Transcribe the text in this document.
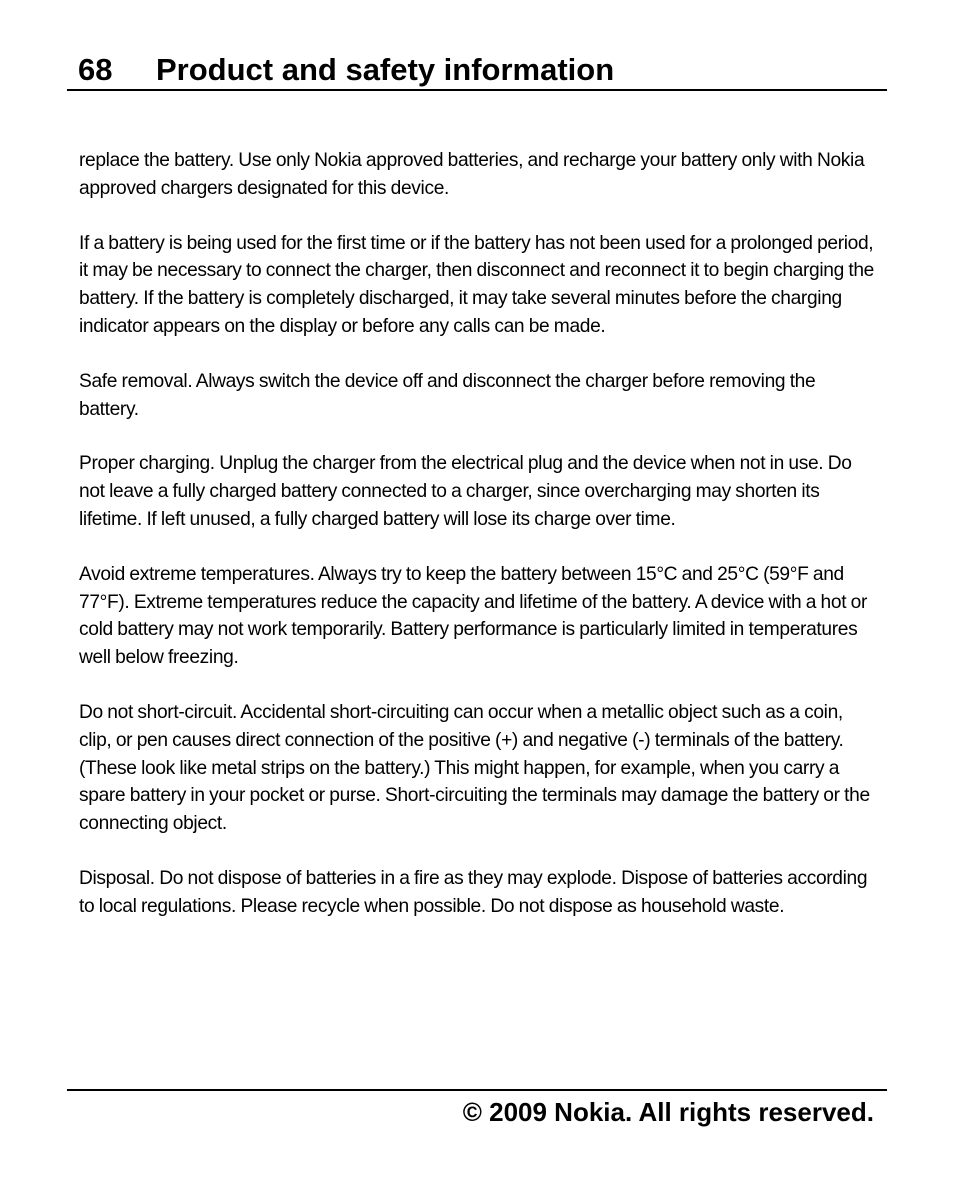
68 Product and safety information

replace the battery. Use only Nokia approved batteries, and recharge your battery only with Nokia approved chargers designated for this device.

If a battery is being used for the first time or if the battery has not been used for a prolonged period, it may be necessary to connect the charger, then disconnect and reconnect it to begin charging the battery. If the battery is completely discharged, it may take several minutes before the charging indicator appears on the display or before any calls can be made.

Safe removal. Always switch the device off and disconnect the charger before removing the battery.

Proper charging. Unplug the charger from the electrical plug and the device when not in use. Do not leave a fully charged battery connected to a charger, since overcharging may shorten its lifetime. If left unused, a fully charged battery will lose its charge over time.

Avoid extreme temperatures. Always try to keep the battery between 15°C and 25°C (59°F and 77°F). Extreme temperatures reduce the capacity and lifetime of the battery. A device with a hot or cold battery may not work temporarily. Battery performance is particularly limited in temperatures well below freezing.

Do not short-circuit. Accidental short-circuiting can occur when a metallic object such as a coin, clip, or pen causes direct connection of the positive (+) and negative (-) terminals of the battery. (These look like metal strips on the battery.) This might happen, for example, when you carry a spare battery in your pocket or purse. Short-circuiting the terminals may damage the battery or the connecting object.

Disposal. Do not dispose of batteries in a fire as they may explode. Dispose of batteries according to local regulations. Please recycle when possible. Do not dispose as household waste.

© 2009 Nokia. All rights reserved.
